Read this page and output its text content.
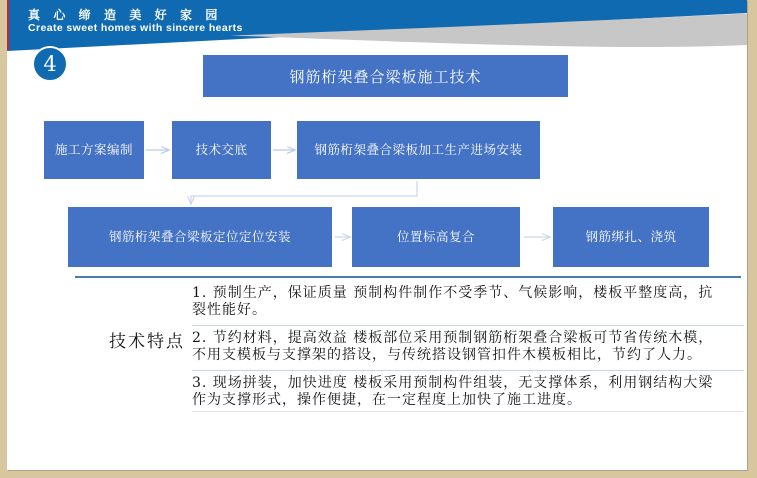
真 心 缔 造 美 好 家 园
Create sweet homes with sincere hearts
4
钢筋桁架叠合梁板施工技术
施工方案编制	技术交底	钢筋桁架叠合梁板加工生产进场安装
钢筋桁架叠合梁板定位定位安装	位置标高复合	钢筋绑扎、浇筑
技术特点

1. 预制生产，保证质量 预制构件制作不受季节、气候影响，楼板平整度高，抗裂性能好。

2. 节约材料，提高效益 楼板部位采用预制钢筋桁架叠合梁板可节省传统木模，不用支模板与支撑架的搭设，与传统搭设钢管扣件木模板相比，节约了人力。

3. 现场拼装，加快进度 楼板采用预制构件组装，无支撑体系，利用钢结构大梁作为支撑形式，操作便捷，在一定程度上加快了施工进度。
